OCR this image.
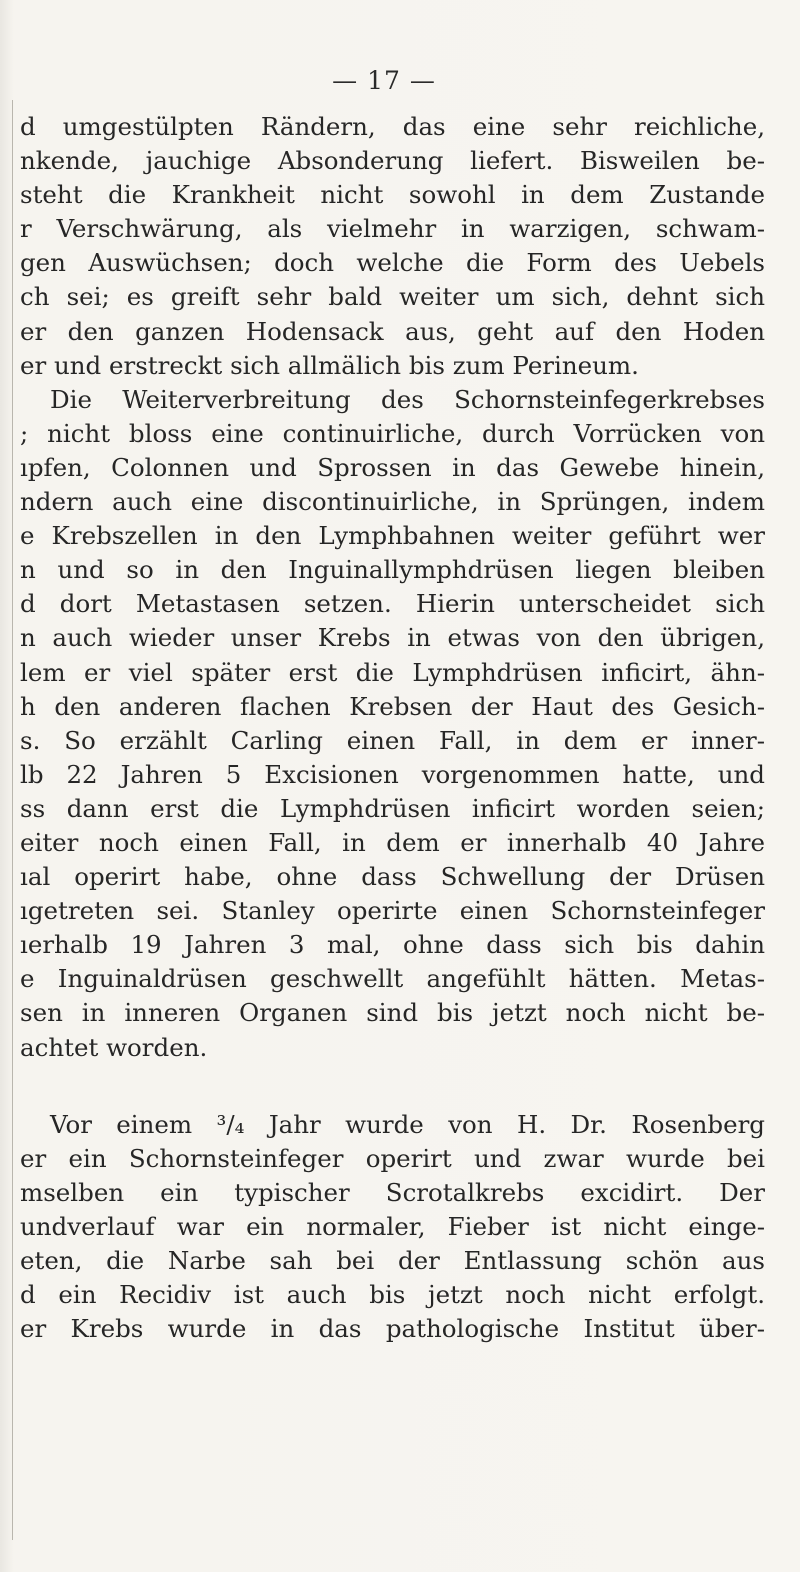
— 17 —
d umgestülpten Rändern, das eine sehr reichliche,
nkende, jauchige Absonderung liefert. Bisweilen be-
steht die Krankheit nicht sowohl in dem Zustande
r Verschwärung, als vielmehr in warzigen, schwam-
gen Auswüchsen; doch welche die Form des Uebels
ch sei; es greift sehr bald weiter um sich, dehnt sich
er den ganzen Hodensack aus, geht auf den Hoden
er und erstreckt sich allmälich bis zum Perineum.
Die Weiterverbreitung des Schornsteinfegerkrebses
; nicht bloss eine continuirliche, durch Vorrücken von
ıpfen, Colonnen und Sprossen in das Gewebe hinein,
ndern auch eine discontinuirliche, in Sprüngen, indem
e Krebszellen in den Lymphbahnen weiter geführt wer
n und so in den Inguinallymphdrüsen liegen bleiben
d dort Metastasen setzen. Hierin unterscheidet sich
n auch wieder unser Krebs in etwas von den übrigen,
lem er viel später erst die Lymphdrüsen inficirt, ähn-
h den anderen flachen Krebsen der Haut des Gesich-
s. So erzählt Carling einen Fall, in dem er inner-
lb 22 Jahren 5 Excisionen vorgenommen hatte, und
ss dann erst die Lymphdrüsen inficirt worden seien;
eiter noch einen Fall, in dem er innerhalb 40 Jahre
ıal operirt habe, ohne dass Schwellung der Drüsen
ıgetreten sei. Stanley operirte einen Schornsteinfeger
ıerhalb 19 Jahren 3 mal, ohne dass sich bis dahin
e Inguinaldrüsen geschwellt angefühlt hätten. Metas-
sen in inneren Organen sind bis jetzt noch nicht be-
achtet worden.
Vor einem ³/₄ Jahr wurde von H. Dr. Rosenberg
er ein Schornsteinfeger operirt und zwar wurde bei
mselben ein typischer Scrotalkrebs excidirt. Der
undverlauf war ein normaler, Fieber ist nicht einge-
eten, die Narbe sah bei der Entlassung schön aus
d ein Recidiv ist auch bis jetzt noch nicht erfolgt.
er Krebs wurde in das pathologische Institut über-
